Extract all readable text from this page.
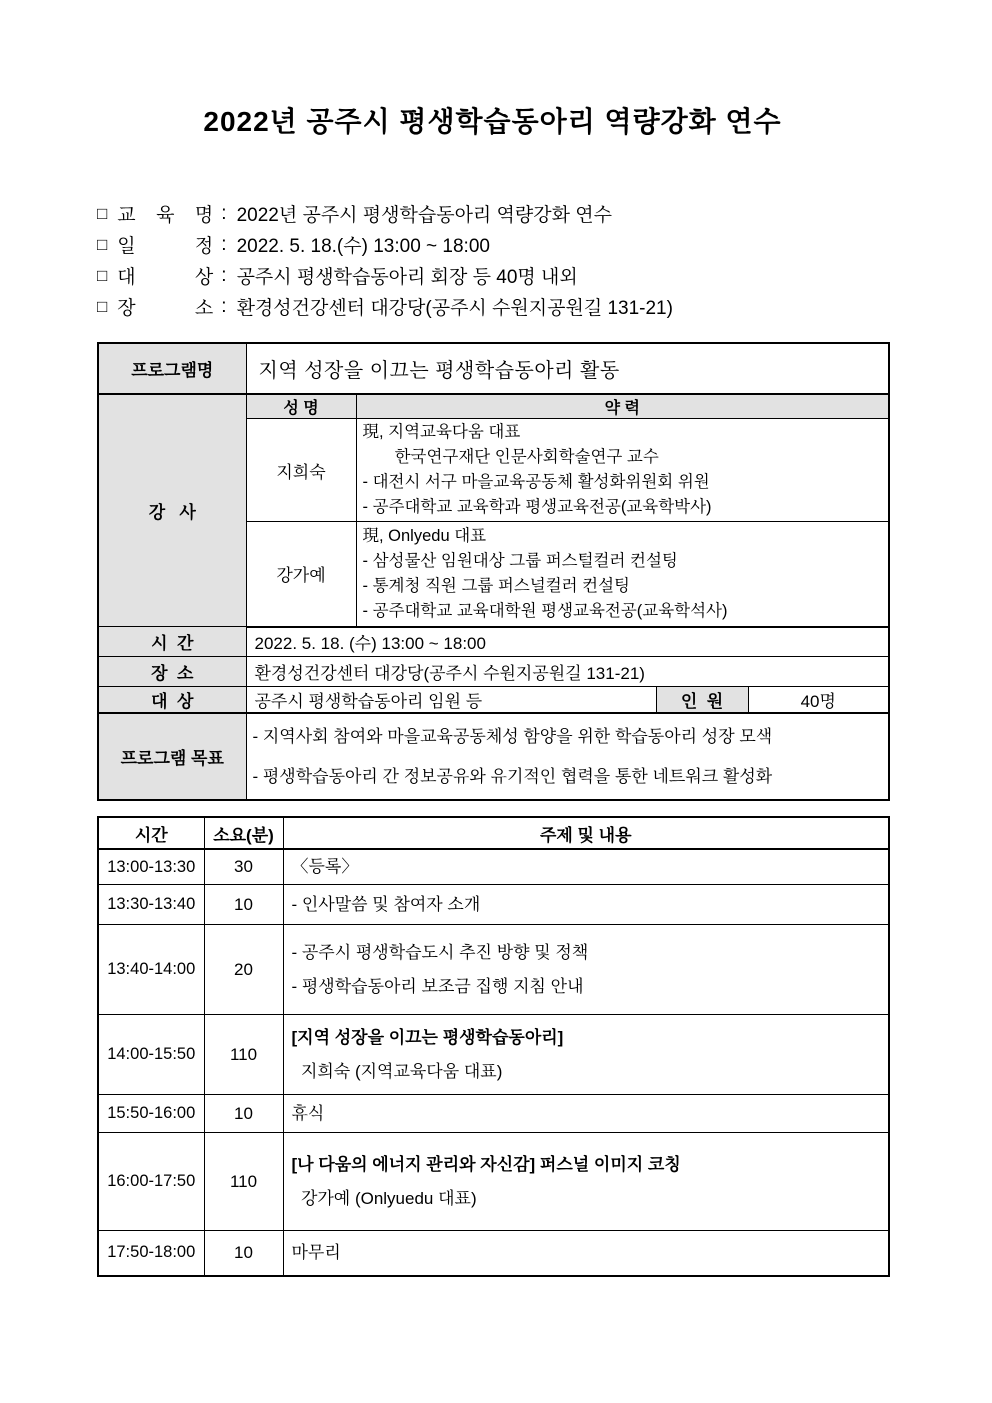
2022년 공주시 평생학습동아리 역량강화 연수
□ 교 육 명 : 2022년 공주시 평생학습동아리 역량강화 연수
□ 일 정 : 2022. 5. 18.(수) 13:00 ~ 18:00
□ 대 상 : 공주시 평생학습동아리 회장 등 40명 내외
□ 장 소 : 환경성건강센터 대강당(공주시 수원지공원길 131-21)
프로그램명	지역 성장을 이끄는 평생학습동아리 활동			
강   사	성 명	약 력		
	지희숙	現, 지역교육다움 대표
한국연구재단 인문사회학술연구 교수
- 대전시 서구 마을교육공동체 활성화위원회 위원
- 공주대학교 교육학과 평생교육전공(교육학박사)		

	강가예	現, Onlyedu 대표
- 삼성물산 임원대상 그룹 퍼스털컬러 컨설팅
- 통계청 직원 그룹 퍼스널컬러 컨설팅
- 공주대학교 교육대학원 평생교육전공(교육학석사)		

시  간	2022. 5. 18. (수) 13:00 ~ 18:00			
장  소	환경성건강센터 대강당(공주시 수원지공원길 131-21)			
대  상	공주시 평생학습동아리 임원 등		인  원	40명
프로그램 목표	- 지역사회 참여와 마을교육공동체성 함양을 위한 학습동아리 성장 모색
- 평생학습동아리 간 정보공유와 유기적인 협력을 통한 네트워크 활성화			
시간	소요(분)	주제 및 내용
13:00-13:30	30	〈등록〉

13:30-13:40	10	- 인사말씀 및 참여자 소개

13:40-14:00	20	- 공주시 평생학습도시 추진 방향 및 정책
- 평생학습동아리 보조금 집행 지침 안내

14:00-15:50	110	[지역 성장을 이끄는 평생학습동아리]
지희숙 (지역교육다움 대표)

15:50-16:00	10	휴식

16:00-17:50	110	[나 다움의 에너지 관리와 자신감] 퍼스널 이미지 코칭
강가예 (Onlyuedu 대표)

17:50-18:00	10	마무리
